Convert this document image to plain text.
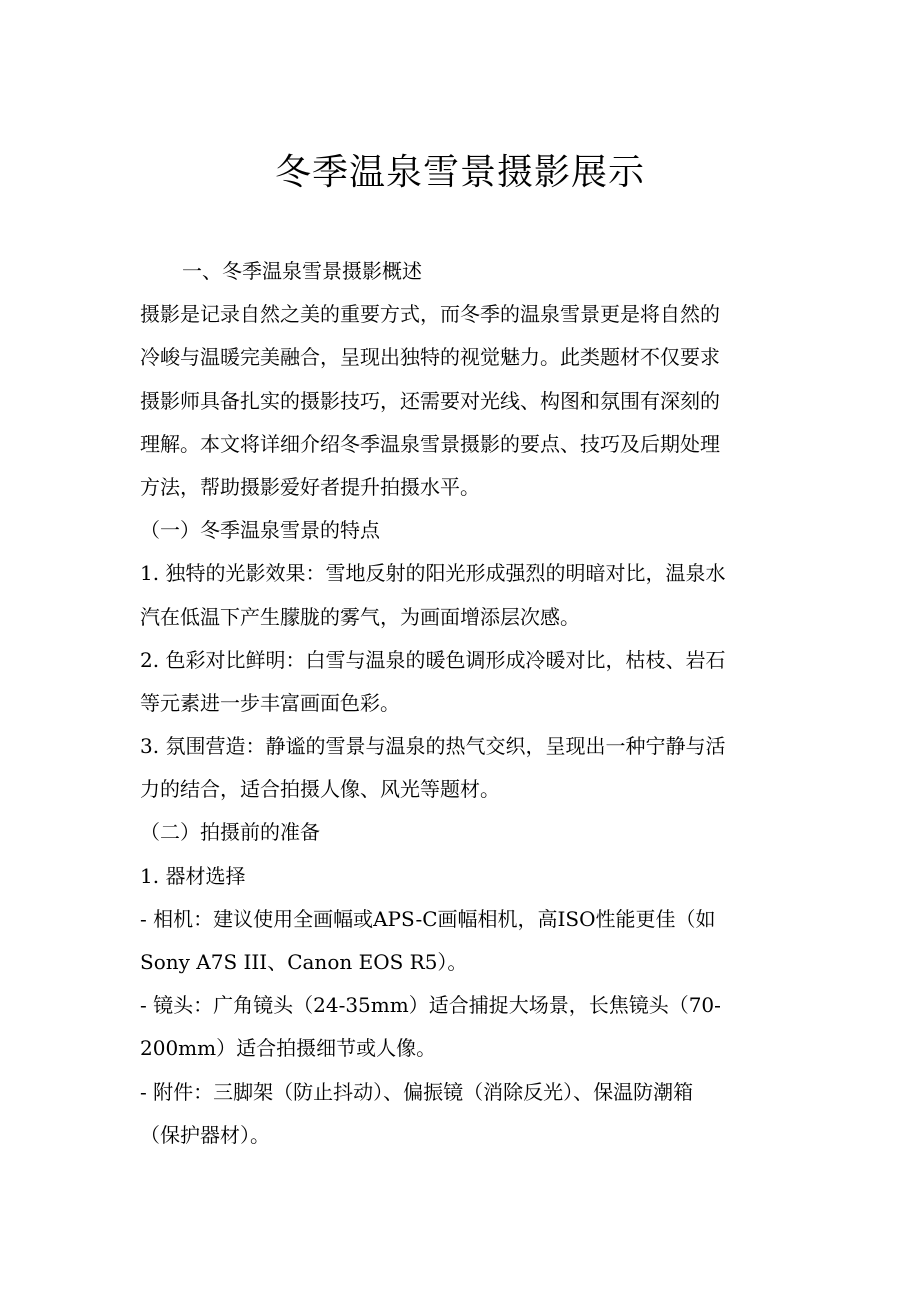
冬季温泉雪景摄影展示
一、冬季温泉雪景摄影概述
摄影是记录自然之美的重要方式，而冬季的温泉雪景更是将自然的
冷峻与温暖完美融合，呈现出独特的视觉魅力。此类题材不仅要求
摄影师具备扎实的摄影技巧，还需要对光线、构图和氛围有深刻的
理解。本文将详细介绍冬季温泉雪景摄影的要点、技巧及后期处理
方法，帮助摄影爱好者提升拍摄水平。
（一）冬季温泉雪景的特点
1. 独特的光影效果：雪地反射的阳光形成强烈的明暗对比，温泉水
汽在低温下产生朦胧的雾气，为画面增添层次感。
2. 色彩对比鲜明：白雪与温泉的暖色调形成冷暖对比，枯枝、岩石
等元素进一步丰富画面色彩。
3. 氛围营造：静谧的雪景与温泉的热气交织，呈现出一种宁静与活
力的结合，适合拍摄人像、风光等题材。
（二）拍摄前的准备
1. 器材选择
- 相机：建议使用全画幅或APS-C画幅相机，高ISO性能更佳（如
Sony A7S III、Canon EOS R5）。
- 镜头：广角镜头（24-35mm）适合捕捉大场景，长焦镜头（70-
200mm）适合拍摄细节或人像。
- 附件：三脚架（防止抖动）、偏振镜（消除反光）、保温防潮箱
（保护器材）。
